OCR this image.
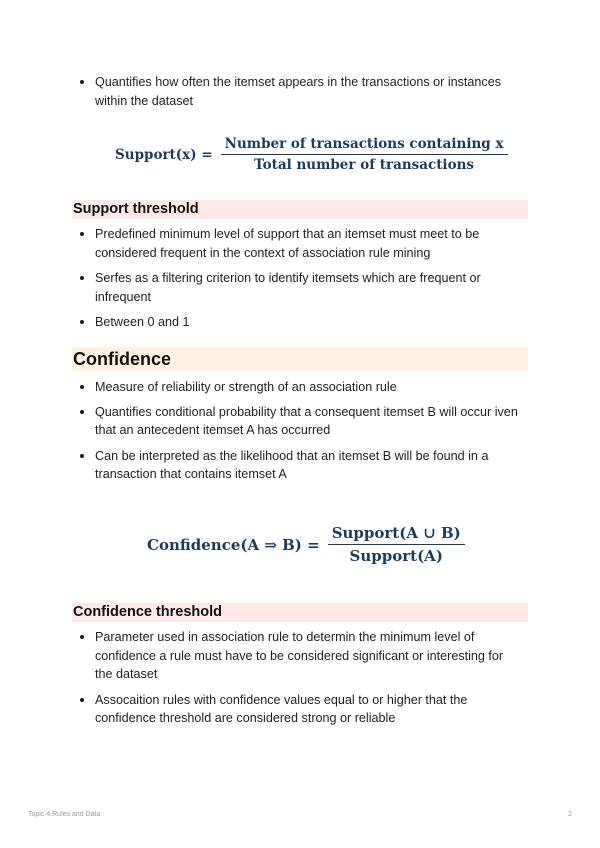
Quantifies how often the itemset appears in the transactions or instances within the dataset
Support(x) = $\frac{\text{Number of transactions containing x}}{\text{Total number of transactions}}$
Support threshold
Predefined minimum level of support that an itemset must meet to be considered frequent in the context of association rule mining
Serfes as a filtering criterion to identify itemsets which are frequent or infrequent
Between 0 and 1
Confidence
Measure of reliability or strength of an association rule
Quantifies conditional probability that a consequent itemset B will occur iven that an antecedent itemset A has occurred
Can be interpreted as the likelihood that an itemset B will be found in a transaction that contains itemset A
Confidence(A ⇒ $B) = \frac{\text{Support(A ∪ B)}}{\text{Support(A)}}$
Confidence threshold
Parameter used in association rule to determin the minimum level of confidence a rule must have to be considered significant or interesting for the dataset
Assocaition rules with confidence values equal to or higher that the confidence threshold are considered strong or reliable
Topic 4.Rules and Data	2
